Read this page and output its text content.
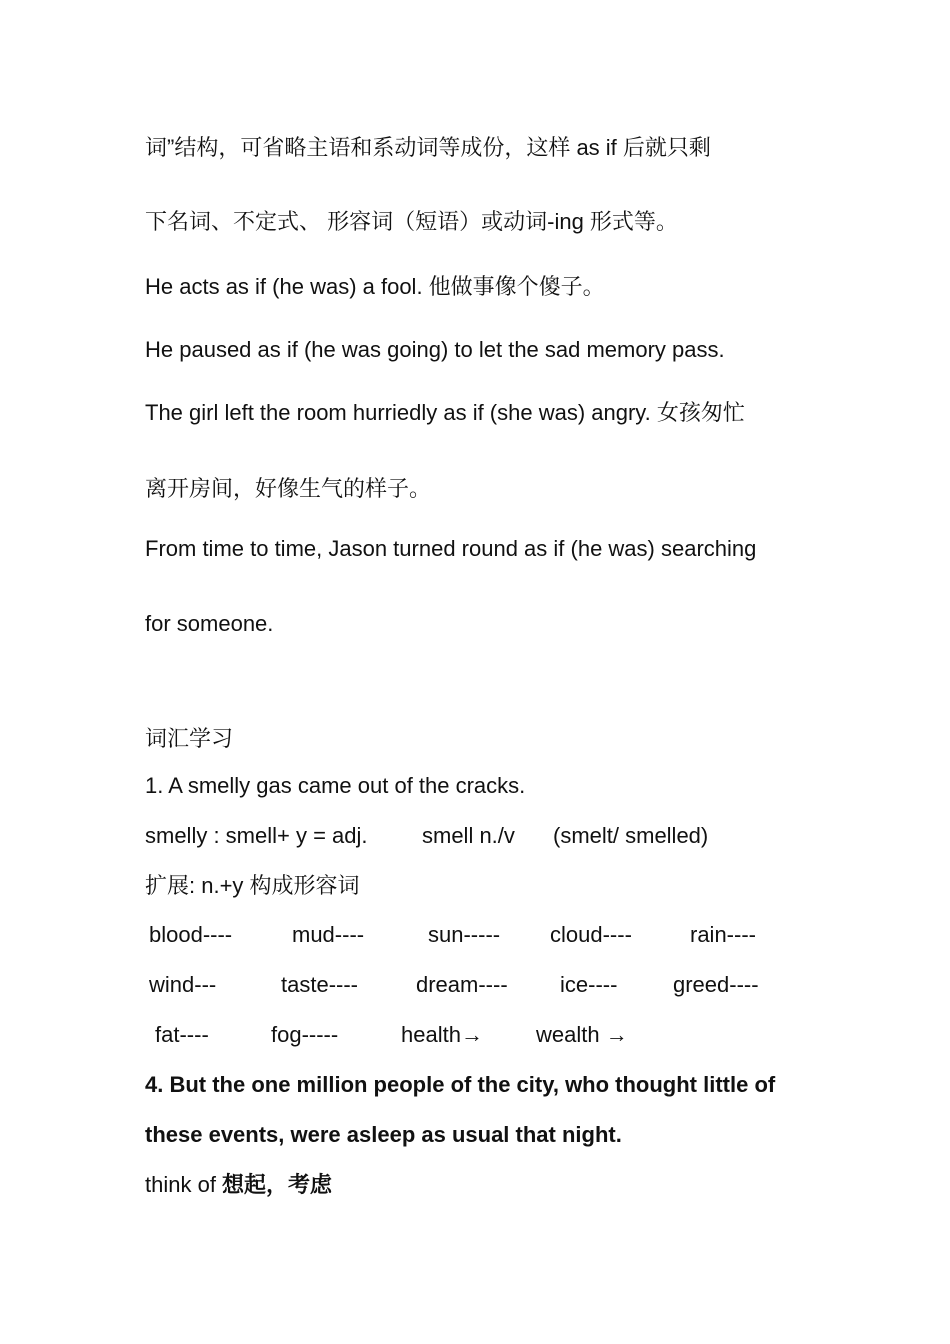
词”结构，可省略主语和系动词等成份，这样 as if 后就只剩
下名词、不定式、 形容词（短语）或动词-ing 形式等。
He acts as if (he was) a fool. 他做事像个傻子。
He paused as if (he was going) to let the sad memory pass.
The girl left the room hurriedly as if (she was) angry. 女孩匆忙
离开房间，好像生气的样子。
From time to time, Jason turned round as if (he was) searching
for someone.
词汇学习
1. A smelly gas came out of the cracks.
smelly : smell+ y = adj. smell n./v (smelt/ smelled)
扩展: n.+y 构成形容词
blood----	mud----	sun----- cloud----	rain----
wind---	taste----	dream---- ice----	greed----
fat----	fog-----	health→ wealth →
4. But the one million people of the city, who thought little of
these events, were asleep as usual that night.
think of 想起，考虑
